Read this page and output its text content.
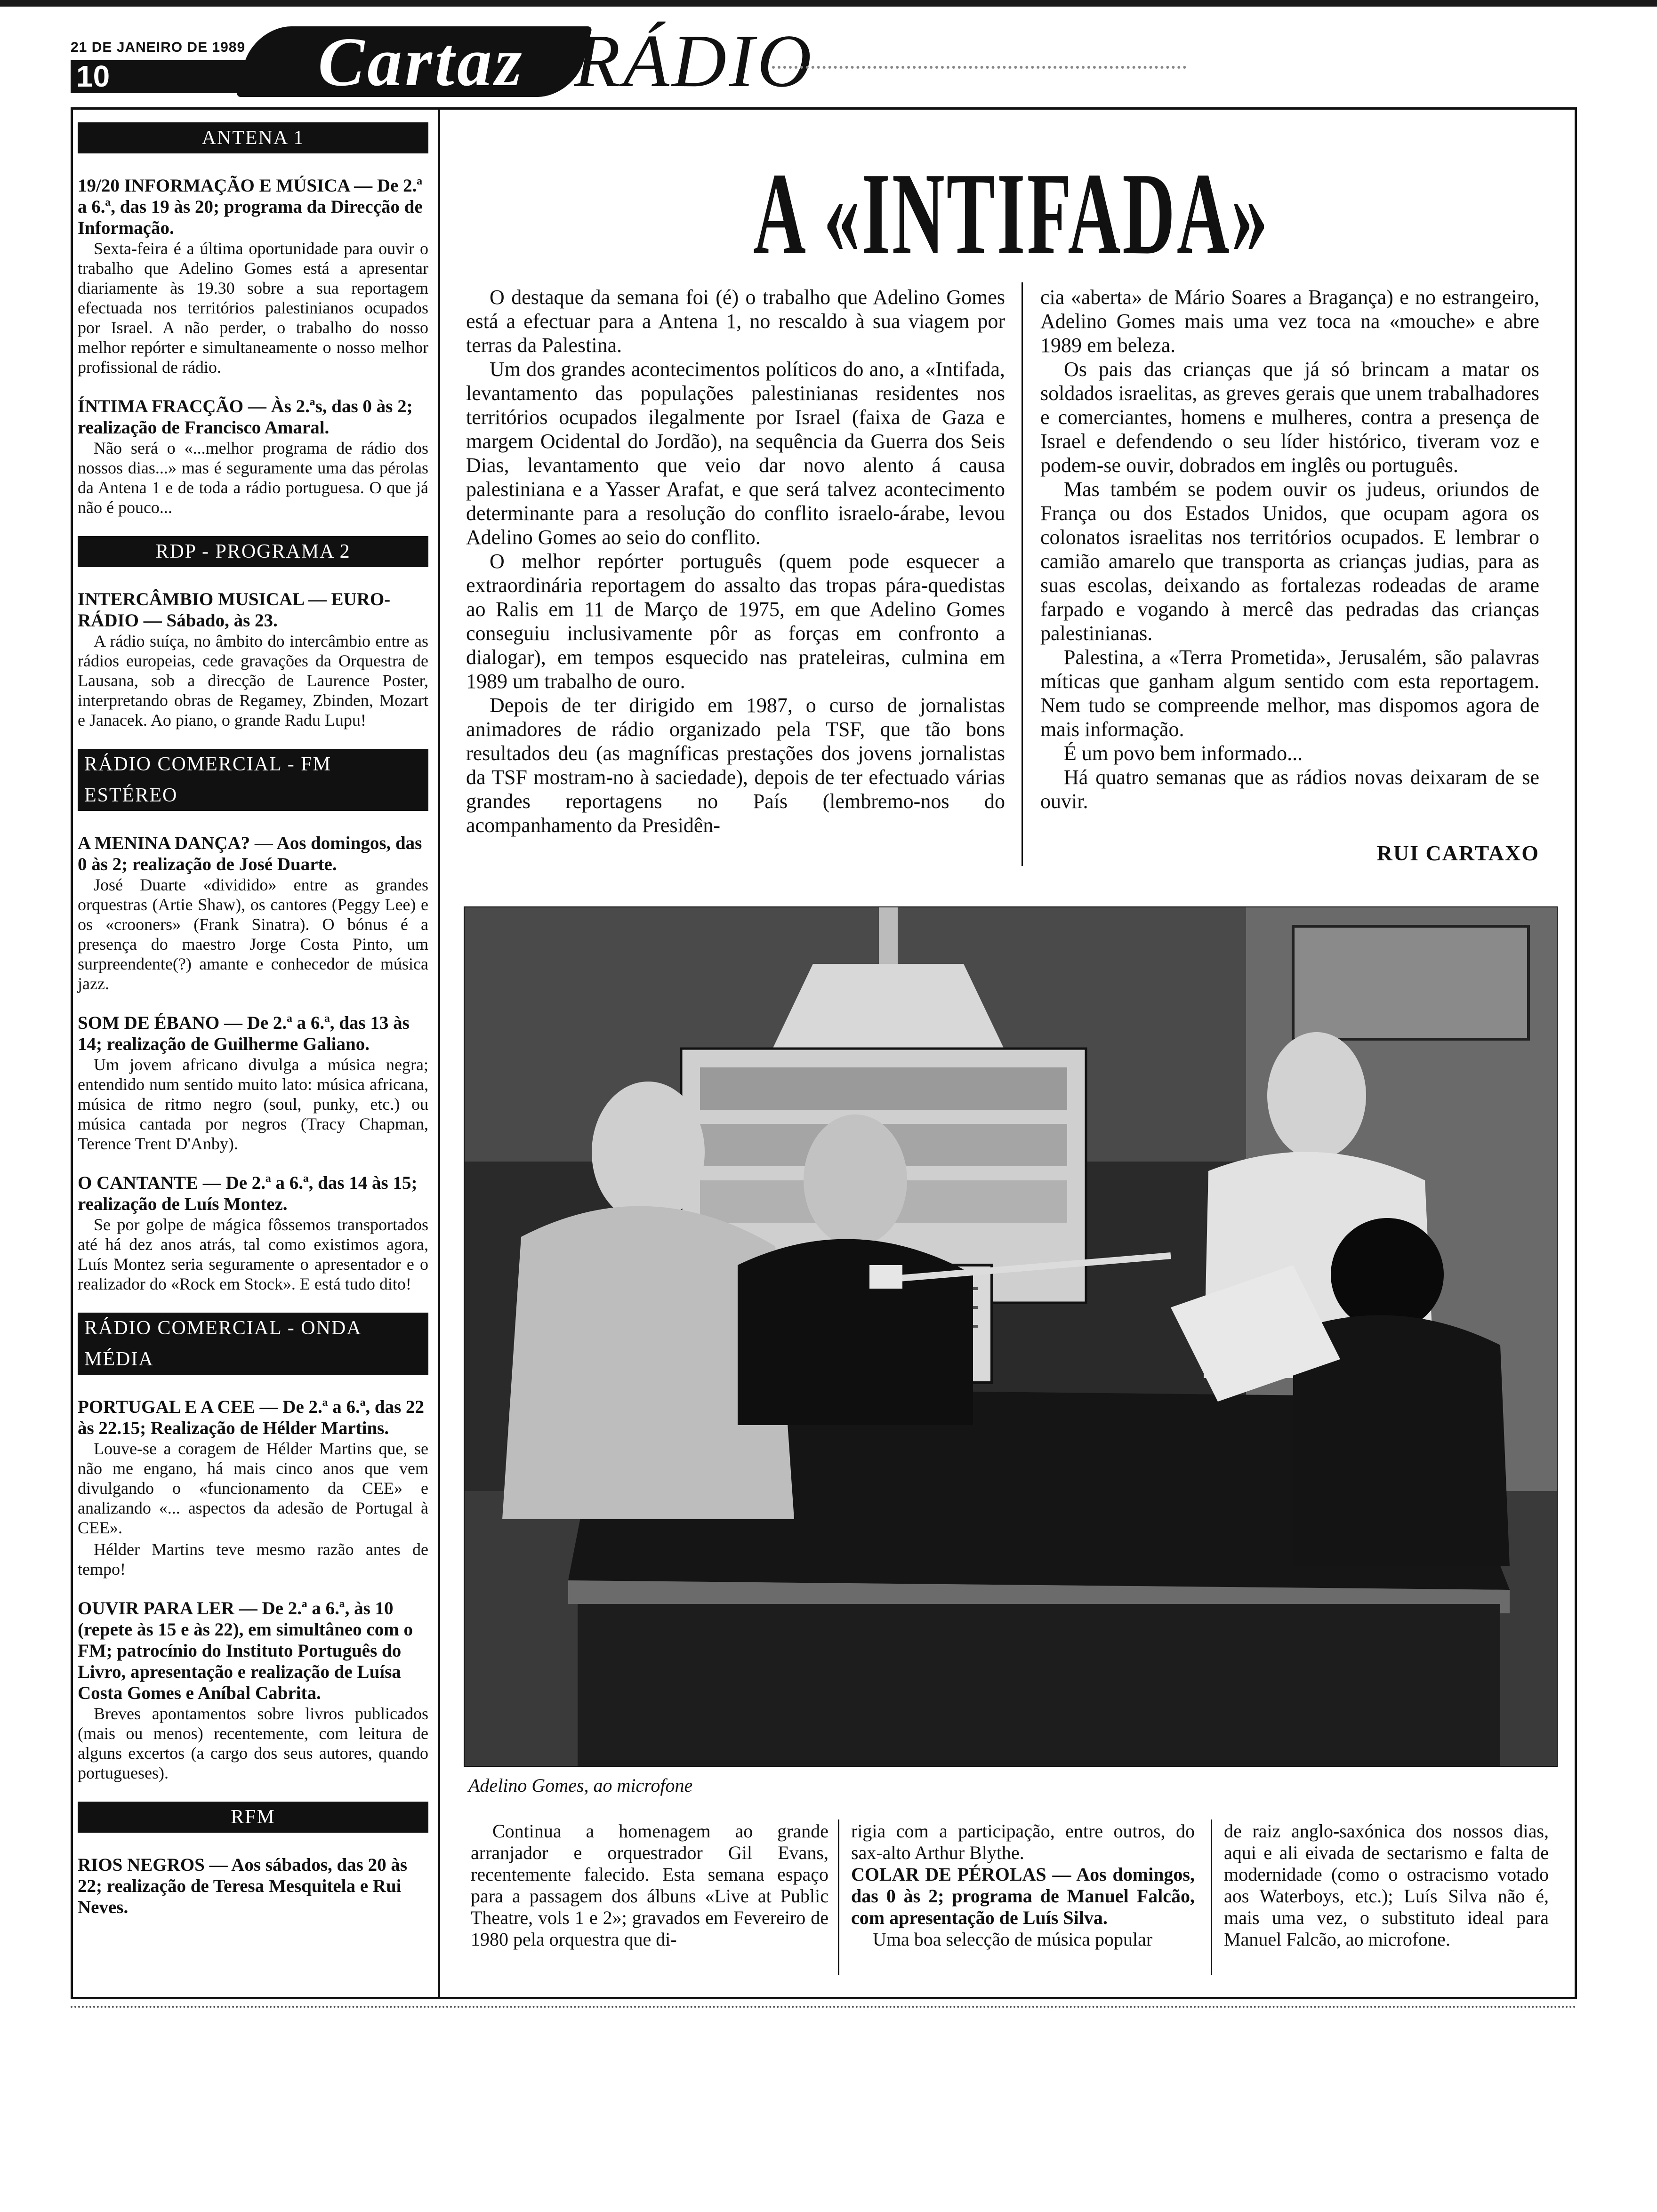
21 DE JANEIRO DE 1989
10	Cartaz RÁDIO
ANTENA 1

19/20 INFORMAÇÃO E MÚSICA — De 2.ª a 6.ª, das 19 às 20; programa da Direcção de Informação.

Sexta-feira é a última oportunidade para ouvir o trabalho que Adelino Gomes está a apresentar diariamente às 19.30 sobre a sua reportagem efectuada nos territórios palestinianos ocupados por Israel. A não perder, o trabalho do nosso melhor repórter e simultaneamente o nosso melhor profissional de rádio.

ÍNTIMA FRACÇÃO — Às 2.ªs, das 0 às 2; realização de Francisco Amaral.

Não será o «...melhor programa de rádio dos nossos dias...» mas é seguramente uma das pérolas da Antena 1 e de toda a rádio portuguesa. O que já não é pouco...

RDP - PROGRAMA 2

INTERCÂMBIO MUSICAL — EURO-RÁDIO — Sábado, às 23.

A rádio suíça, no âmbito do intercâmbio entre as rádios europeias, cede gravações da Orquestra de Lausana, sob a direcção de Laurence Poster, interpretando obras de Regamey, Zbinden, Mozart e Janacek. Ao piano, o grande Radu Lupu!

RÁDIO COMERCIAL - FM ESTÉREO

A MENINA DANÇA? — Aos domingos, das 0 às 2; realização de José Duarte.

José Duarte «dividido» entre as grandes orquestras (Artie Shaw), os cantores (Peggy Lee) e os «crooners» (Frank Sinatra). O bónus é a presença do maestro Jorge Costa Pinto, um surpreendente(?) amante e conhecedor de música jazz.

SOM DE ÉBANO — De 2.ª a 6.ª, das 13 às 14; realização de Guilherme Galiano.

Um jovem africano divulga a música negra; entendido num sentido muito lato: música africana, música de ritmo negro (soul, punky, etc.) ou música cantada por negros (Tracy Chapman, Terence Trent D'Anby).

O CANTANTE — De 2.ª a 6.ª, das 14 às 15; realização de Luís Montez.

Se por golpe de mágica fôssemos transportados até há dez anos atrás, tal como existimos agora, Luís Montez seria seguramente o apresentador e o realizador do «Rock em Stock». E está tudo dito!

RÁDIO COMERCIAL - ONDA MÉDIA

PORTUGAL E A CEE — De 2.ª a 6.ª, das 22 às 22.15; Realização de Hélder Martins.

Louve-se a coragem de Hélder Martins que, se não me engano, há mais cinco anos que vem divulgando o «funcionamento da CEE» e analizando «... aspectos da adesão de Portugal à CEE».

Hélder Martins teve mesmo razão antes de tempo!

OUVIR PARA LER — De 2.ª a 6.ª, às 10 (repete às 15 e às 22), em simultâneo com o FM; patrocínio do Instituto Português do Livro, apresentação e realização de Luísa Costa Gomes e Aníbal Cabrita.

Breves apontamentos sobre livros publicados (mais ou menos) recentemente, com leitura de alguns excertos (a cargo dos seus autores, quando portugueses).

RFM

RIOS NEGROS — Aos sábados, das 20 às 22; realização de Teresa Mesquitela e Rui Neves.

A «INTIFADA»

O destaque da semana foi (é) o trabalho que Adelino Gomes está a efectuar para a Antena 1, no rescaldo à sua viagem por terras da Palestina.

Um dos grandes acontecimentos políticos do ano, a «Intifada, levantamento das populações palestinianas residentes nos territórios ocupados ilegalmente por Israel (faixa de Gaza e margem Ocidental do Jordão), na sequência da Guerra dos Seis Dias, levantamento que veio dar novo alento á causa palestiniana e a Yasser Arafat, e que será talvez acontecimento determinante para a resolução do conflito israelo-árabe, levou Adelino Gomes ao seio do conflito.

O melhor repórter português (quem pode esquecer a extraordinária reportagem do assalto das tropas pára-quedistas ao Ralis em 11 de Março de 1975, em que Adelino Gomes conseguiu inclusivamente pôr as forças em confronto a dialogar), em tempos esquecido nas prateleiras, culmina em 1989 um trabalho de ouro.

Depois de ter dirigido em 1987, o curso de jornalistas animadores de rádio organizado pela TSF, que tão bons resultados deu (as magníficas prestações dos jovens jornalistas da TSF mostram-no à saciedade), depois de ter efectuado várias grandes reportagens no País (lembremo-nos do acompanhamento da Presidên-

cia «aberta» de Mário Soares a Bragança) e no estrangeiro, Adelino Gomes mais uma vez toca na «mouche» e abre 1989 em beleza.

Os pais das crianças que já só brincam a matar os soldados israelitas, as greves gerais que unem trabalhadores e comerciantes, homens e mulheres, contra a presença de Israel e defendendo o seu líder histórico, tiveram voz e podem-se ouvir, dobrados em inglês ou português.

Mas também se podem ouvir os judeus, oriundos de França ou dos Estados Unidos, que ocupam agora os colonatos israelitas nos territórios ocupados. E lembrar o camião amarelo que transporta as crianças judias, para as suas escolas, deixando as fortalezas rodeadas de arame farpado e vogando à mercê das pedradas das crianças palestinianas.

Palestina, a «Terra Prometida», Jerusalém, são palavras míticas que ganham algum sentido com esta reportagem. Nem tudo se compreende melhor, mas dispomos agora de mais informação.

É um povo bem informado...

Há quatro semanas que as rádios novas deixaram de se ouvir.

RUI CARTAXO
Adelino Gomes, ao microfone

Continua a homenagem ao grande arranjador e orquestrador Gil Evans, recentemente falecido. Esta semana espaço para a passagem dos álbuns «Live at Public Theatre, vols 1 e 2»; gravados em Fevereiro de 1980 pela orquestra que di-

rigia com a participação, entre outros, do sax-alto Arthur Blythe.

COLAR DE PÉROLAS — Aos domingos, das 0 às 2; programa de Manuel Falcão, com apresentação de Luís Silva.

Uma boa selecção de música popular

de raiz anglo-saxónica dos nossos dias, aqui e ali eivada de sectarismo e falta de modernidade (como o ostracismo votado aos Waterboys, etc.); Luís Silva não é, mais uma vez, o substituto ideal para Manuel Falcão, ao microfone.
